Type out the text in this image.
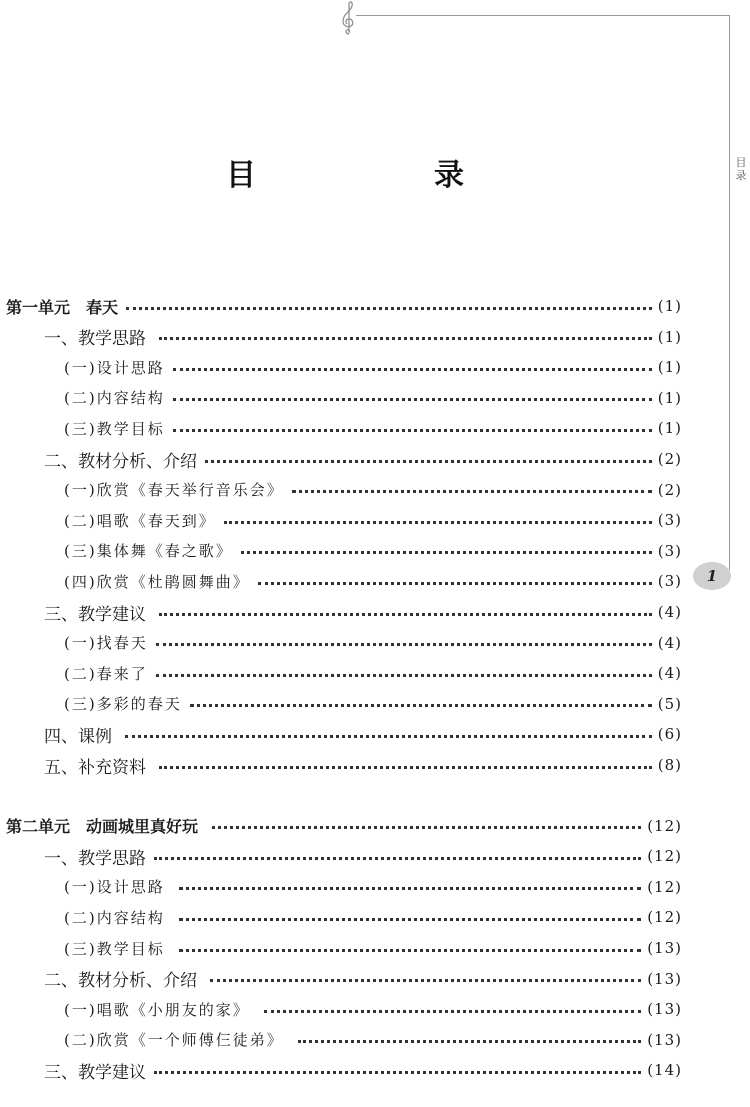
目录
1
目　录
第一单元　春天	(1)
一、教学思路	(1)
(一)设计思路	(1)
(二)内容结构	(1)
(三)教学目标	(1)
二、教材分析、介绍	(2)
(一)欣赏《春天举行音乐会》	(2)
(二)唱歌《春天到》	(3)
(三)集体舞《春之歌》	(3)
(四)欣赏《杜鹃圆舞曲》	(3)
三、教学建议	(4)
(一)找春天	(4)
(二)春来了	(4)
(三)多彩的春天	(5)
四、课例	(6)
五、补充资料	(8)
第二单元　动画城里真好玩	(12)
一、教学思路	(12)
(一)设计思路	(12)
(二)内容结构	(12)
(三)教学目标	(13)
二、教材分析、介绍	(13)
(一)唱歌《小朋友的家》	(13)
(二)欣赏《一个师傅仨徒弟》	(13)
三、教学建议	(14)
